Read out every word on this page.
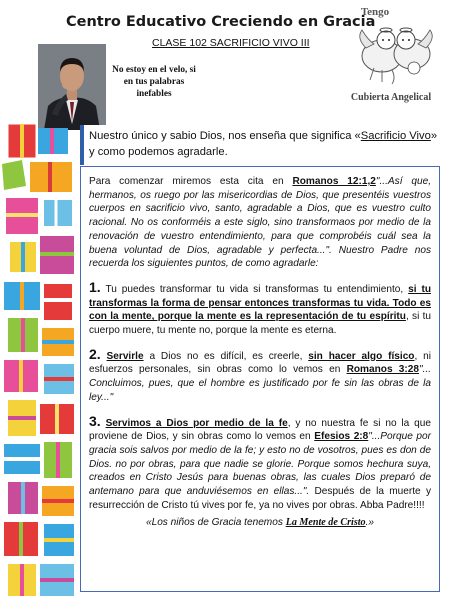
Centro Educativo Creciendo en Gracia
CLASE 102 SACRIFICIO VIVO III
No estoy en el velo, si en tus palabras inefables
Tengo
Cubierta Angelical
Nuestro único y sabio Dios, nos enseña que significa «Sacrificio Vivo» y como podemos agradarle.

Para comenzar miremos esta cita en Romanos 12:1,2"...Así que, hermanos, os ruego por las misericordias de Dios, que presentéis vuestros cuerpos en sacrificio vivo, santo, agradable a Dios, que es vuestro culto racional. No os conforméis a este siglo, sino transformaos por medio de la renovación de vuestro entendimiento, para que comprobéis cuál sea la buena voluntad de Dios, agradable y perfecta...". Nuestro Padre nos recuerda los siguientes puntos, de como agradarle:

1. Tu puedes transformar tu vida si transformas tu entendimiento, si tu transformas la forma de pensar entonces transformas tu vida. Todo es con la mente, porque la mente es la representación de tu espíritu, si tu cuerpo muere, tu mente no, porque la mente es eterna.

2. Servirle a Dios no es difícil, es creerle, sin hacer algo físico, ni esfuerzos personales, sin obras como lo vemos en Romanos 3:28"... Concluimos, pues, que el hombre es justificado por fe sin las obras de la ley..."

3. Servimos a Dios por medio de la fe, y no nuestra fe si no la que proviene de Dios, y sin obras como lo vemos en Efesios 2:8"...Porque por gracia sois salvos por medio de la fe; y esto no de vosotros, pues es don de Dios. no por obras, para que nadie se glorie. Porque somos hechura suya, creados en Cristo Jesús para buenas obras, las cuales Dios preparó de antemano para que anduviésemos en ellas...". Después de la muerte y resurrección de Cristo tú vives por fe, ya no vives por obras. Abba Padre!!!!

«Los niños de Gracia tenemos La Mente de Cristo.»
